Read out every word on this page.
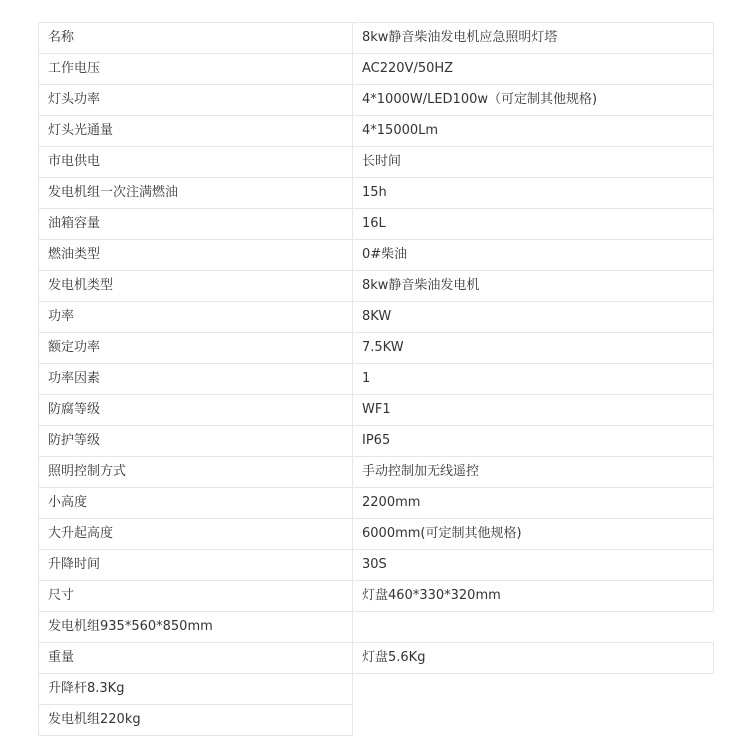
名称	8kw静音柴油发电机应急照明灯塔
工作电压	AC220V/50HZ
灯头功率	4*1000W/LED100w（可定制其他规格)
灯头光通量	4*15000Lm
市电供电	长时间
发电机组一次注满燃油	15h
油箱容量	16L
燃油类型	0#柴油
发电机类型	8kw静音柴油发电机
功率	8KW
额定功率	7.5KW
功率因素	1
防腐等级	WF1
防护等级	IP65
照明控制方式	手动控制加无线遥控
小高度	2200mm
大升起高度	6000mm(可定制其他规格)
升降时间	30S
尺寸	灯盘460*330*320mm
发电机组935*560*850mm	
重量	灯盘5.6Kg
升降杆8.3Kg	
发电机组220kg	
